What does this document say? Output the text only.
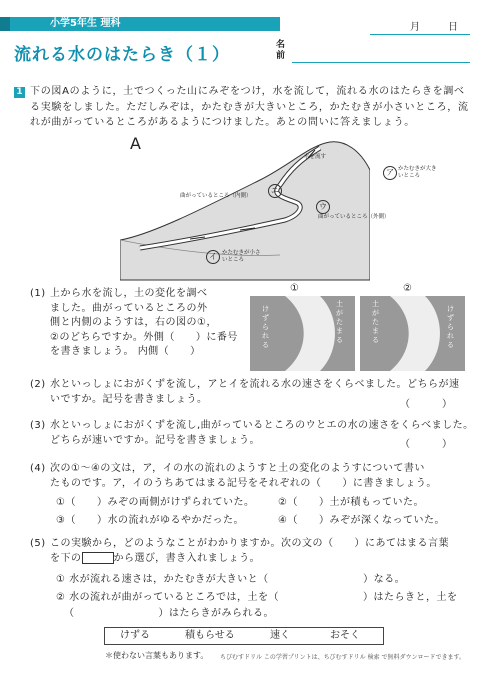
小学5年生 理科
流れる水のはたらき（１）
月	日
名前
1 下の図Aのように，土でつくった山にみぞをつけ，水を流して，流れる水のはたらきを調べる実験をしました。ただしみぞは，かたむきが大きいところ，かたむきが小さいところ，流れが曲がっているところがあるようにつけました。あとの問いに答えましょう。
A
水を流す
ア かたむきが大きいところ
曲がっているところ（内側）
エ
ウ
曲がっているところ（外側）
イ かたむきが小さいところ
(1) 上から水を流し，土の変化を調べ
ました。曲がっているところの外
側と内側のようすは，右の図の①，
②のどちらですか。外側（　　）に番号
を書きましょう。 内側（　　）
①	②
けずられる
土がたまる
土がたまる
けずられる
(2) 水といっしょにおがくずを流し，アとイを流れる水の速さをくらべました。どちらが速
いですか。記号を書きましょう。	（　　　）
(3) 水といっしょにおがくずを流し,曲がっているところのウとエの水の速さをくらべました。
どちらが速いですか。記号を書きましょう。	（　　　）
(4) 次の①～④の文は，ア，イの水の流れのようすと土の変化のようすについて書い
たものです。ア，イのうちあてはまる記号をそれぞれの（　　）に書きましょう。
①（　　）みぞの両側がけずられていた。 ②（　　）土が積もっていた。
③（　　）水の流れがゆるやかだった。	④（　　）みぞが深くなっていた。
(5) この実験から，どのようなことがわかりますか。次の文の（　　）にあてはまる言葉
を下の	から選び，書き入れましょう。
① 水が流れる速さは，かたむきが大きいと（　　　　　　　　　）なる。
② 水の流れが曲がっているところでは，土を（　　　　　　　　）はたらきと，土を
（　　　　　　　　）はたらきがみられる。
けずる	積もらせる	速く	おそく
＊使わない言葉もあります。 ちびむすドリル この学習プリントは、ちびむすドリル 検索 で無料ダウンロードできます。
